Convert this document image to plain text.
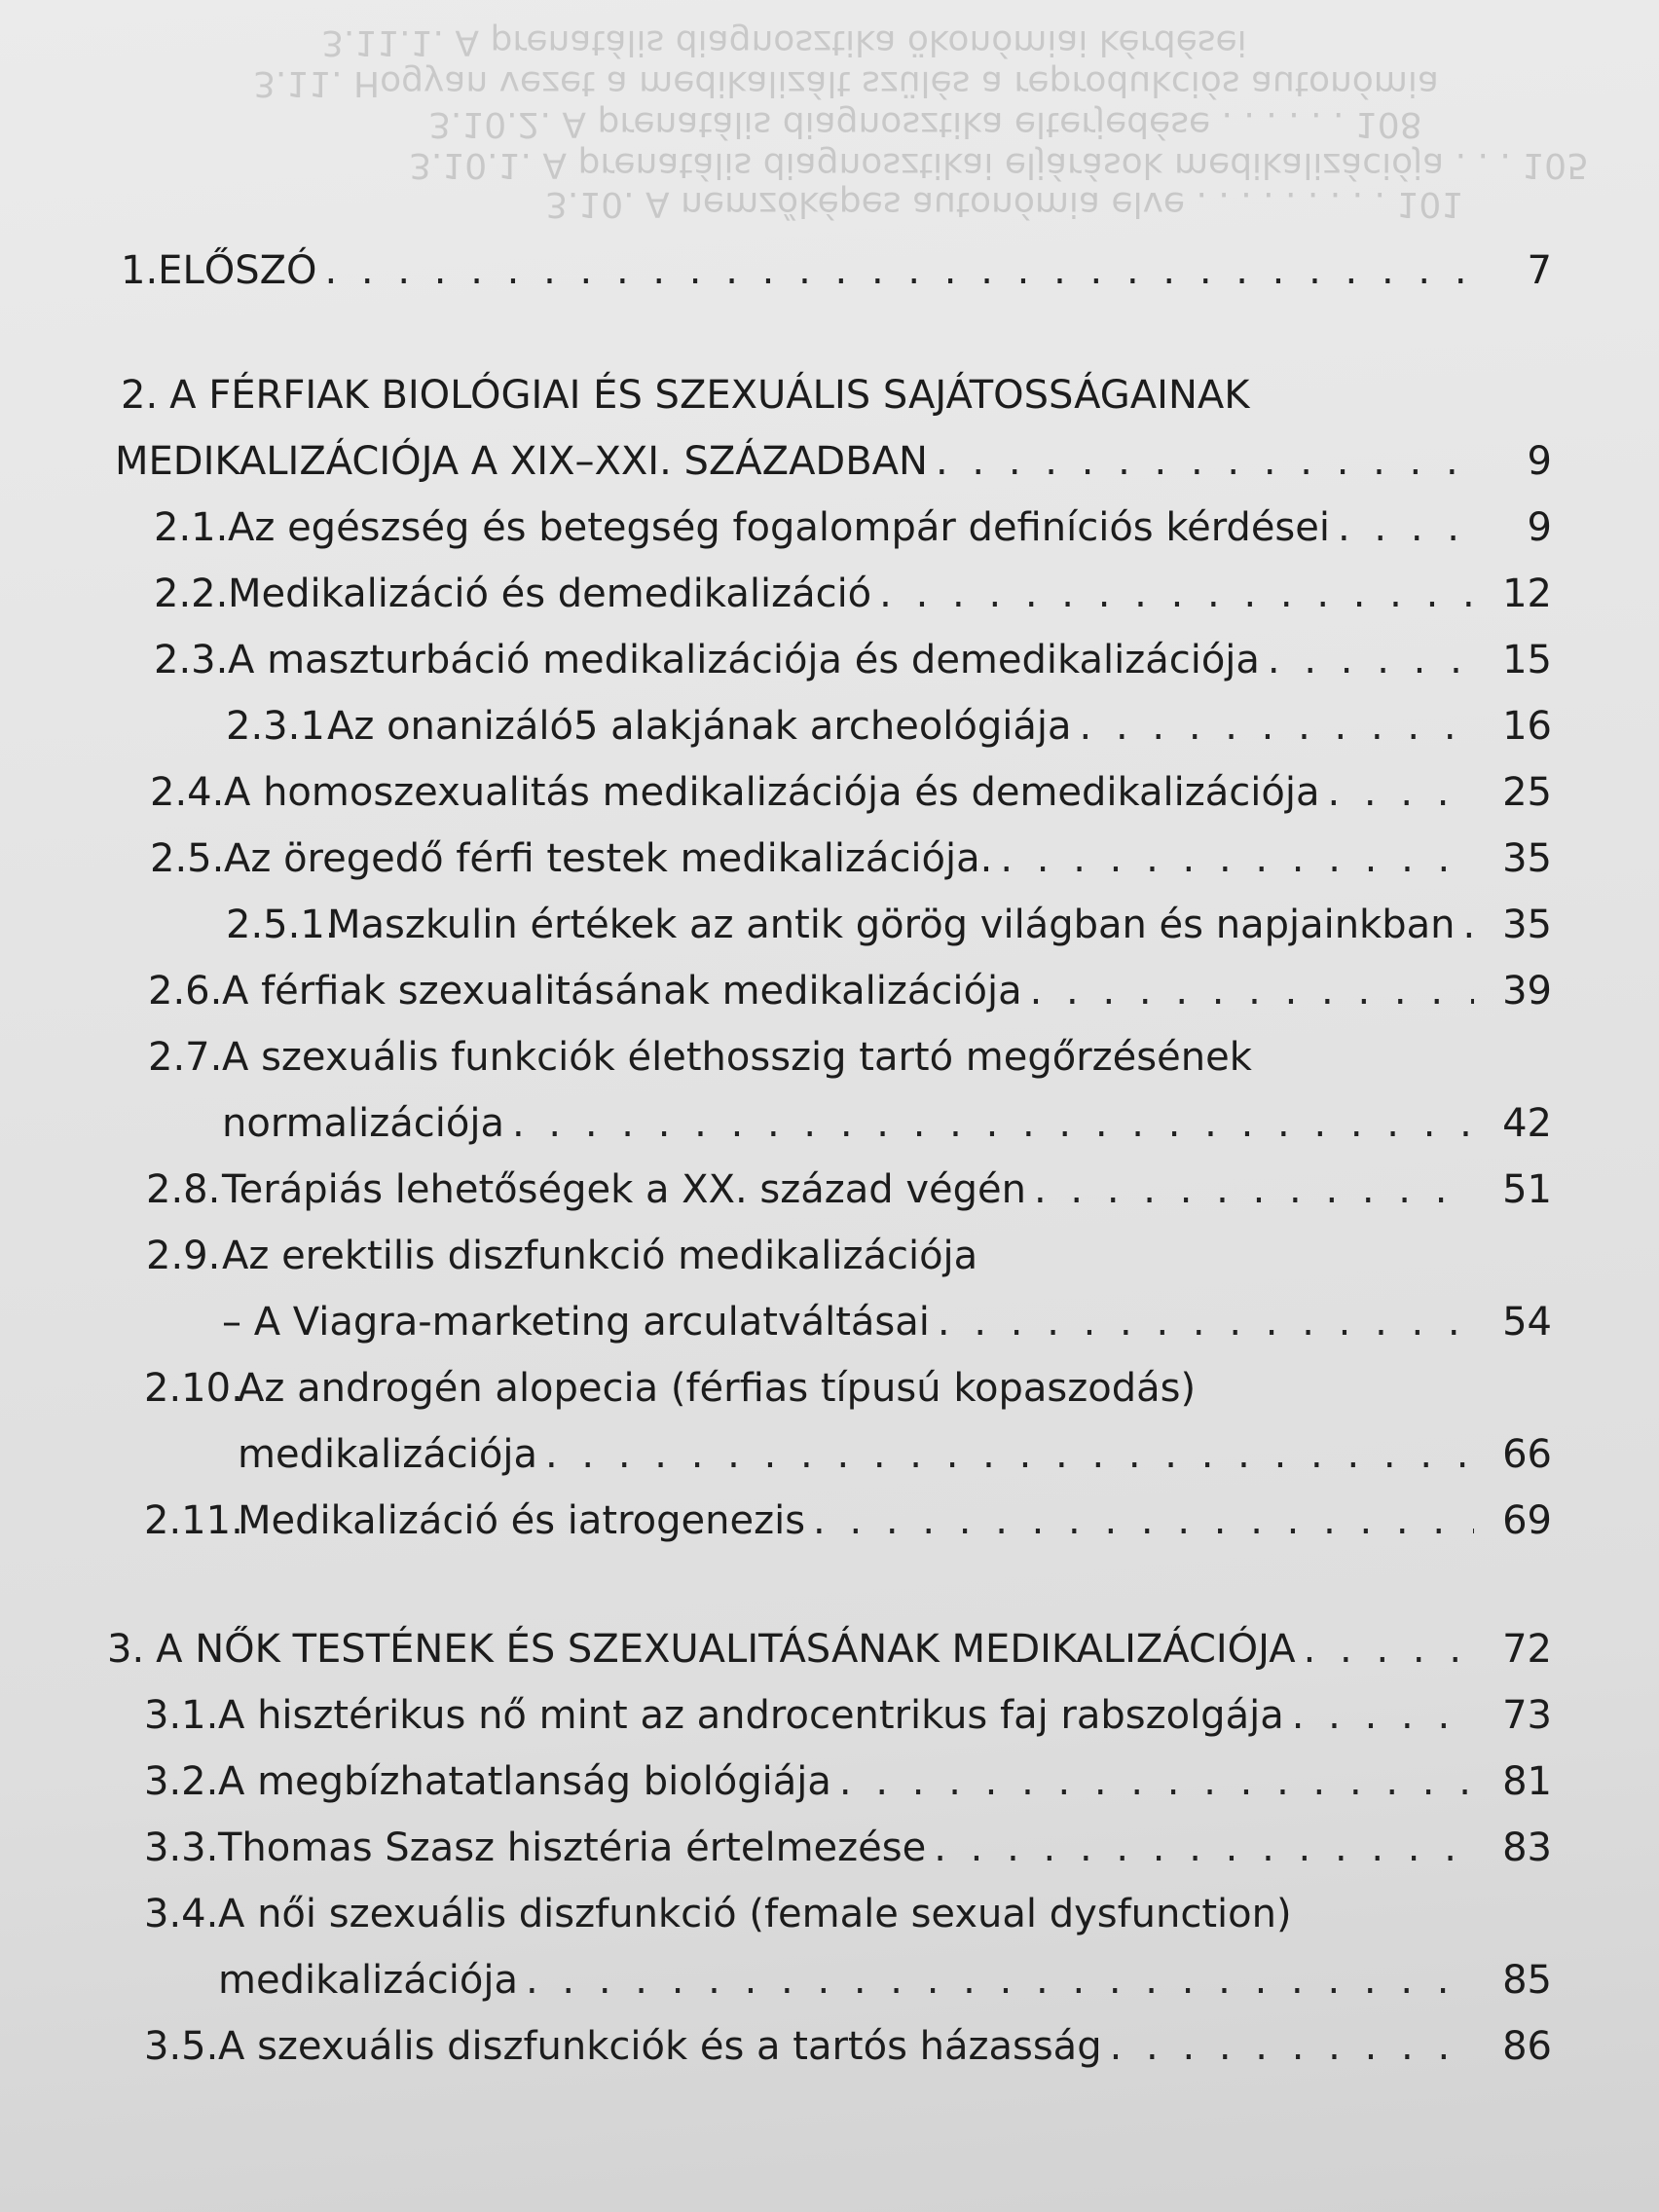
3.10. A nemzőképes autonómia elve . . . . . . . . . 101
3.10.1. A prenatális diagnosztikai eljárások medikalizációja . . . 105
3.10.2. A prenatális diagnosztika elterjedése . . . . . . 108
3.11. Hogyan vezet a medikalizált szülés a reprodukciós autonómia
3.11.1. A prenatális diagnosztika ökonómiai kérdései
1. ELŐSZÓ . . .	7
2. A FÉRFIAK BIOLÓGIAI ÉS SZEXUÁLIS SAJÁTOSSÁGAINAK
MEDIKALIZÁCIÓJA A XIX–XXI. SZÁZADBAN . . .	9
2.1. Az egészség és betegség fogalompár definíciós kérdései . . .	9
2.2. Medikalizáció és demedikalizáció . . .	12
2.3. A maszturbáció medikalizációja és demedikalizációja . . .	15
2.3.1.
Az onanizáló5 alakjának archeológiája . . .	16
2.4. A homoszexualitás medikalizációja és demedikalizációja . . .	25
2.5. Az öregedő férfi testek medikalizációja. . . .	35
2.5.1.
Maszkulin értékek az antik görög világban és napjainkban . . .	35
2.6. A férfiak szexualitásának medikalizációja . . .	39
2.7. A szexuális funkciók élethosszig tartó megőrzésének
normalizációja . . .	42
2.8. Terápiás lehetőségek a XX. század végén . . .	51
2.9. Az erektilis diszfunkció medikalizációja
– A Viagra-marketing arculatváltásai . . .	54
2.10.
Az androgén alopecia (férfias típusú kopaszodás)
medikalizációja . . .	66
2.11.
Medikalizáció és iatrogenezis . . .	69
3. A NŐK TESTÉNEK ÉS SZEXUALITÁSÁNAK MEDIKALIZÁCIÓJA . . .	72
3.1. A hisztérikus nő mint az androcentrikus faj rabszolgája . . .	73
3.2. A megbízhatatlanság biológiája . . .	81
3.3. Thomas Szasz hisztéria értelmezése . . .	83
3.4. A női szexuális diszfunkció (female sexual dysfunction)
medikalizációja . . .	85
3.5. A szexuális diszfunkciók és a tartós házasság . . .	86
